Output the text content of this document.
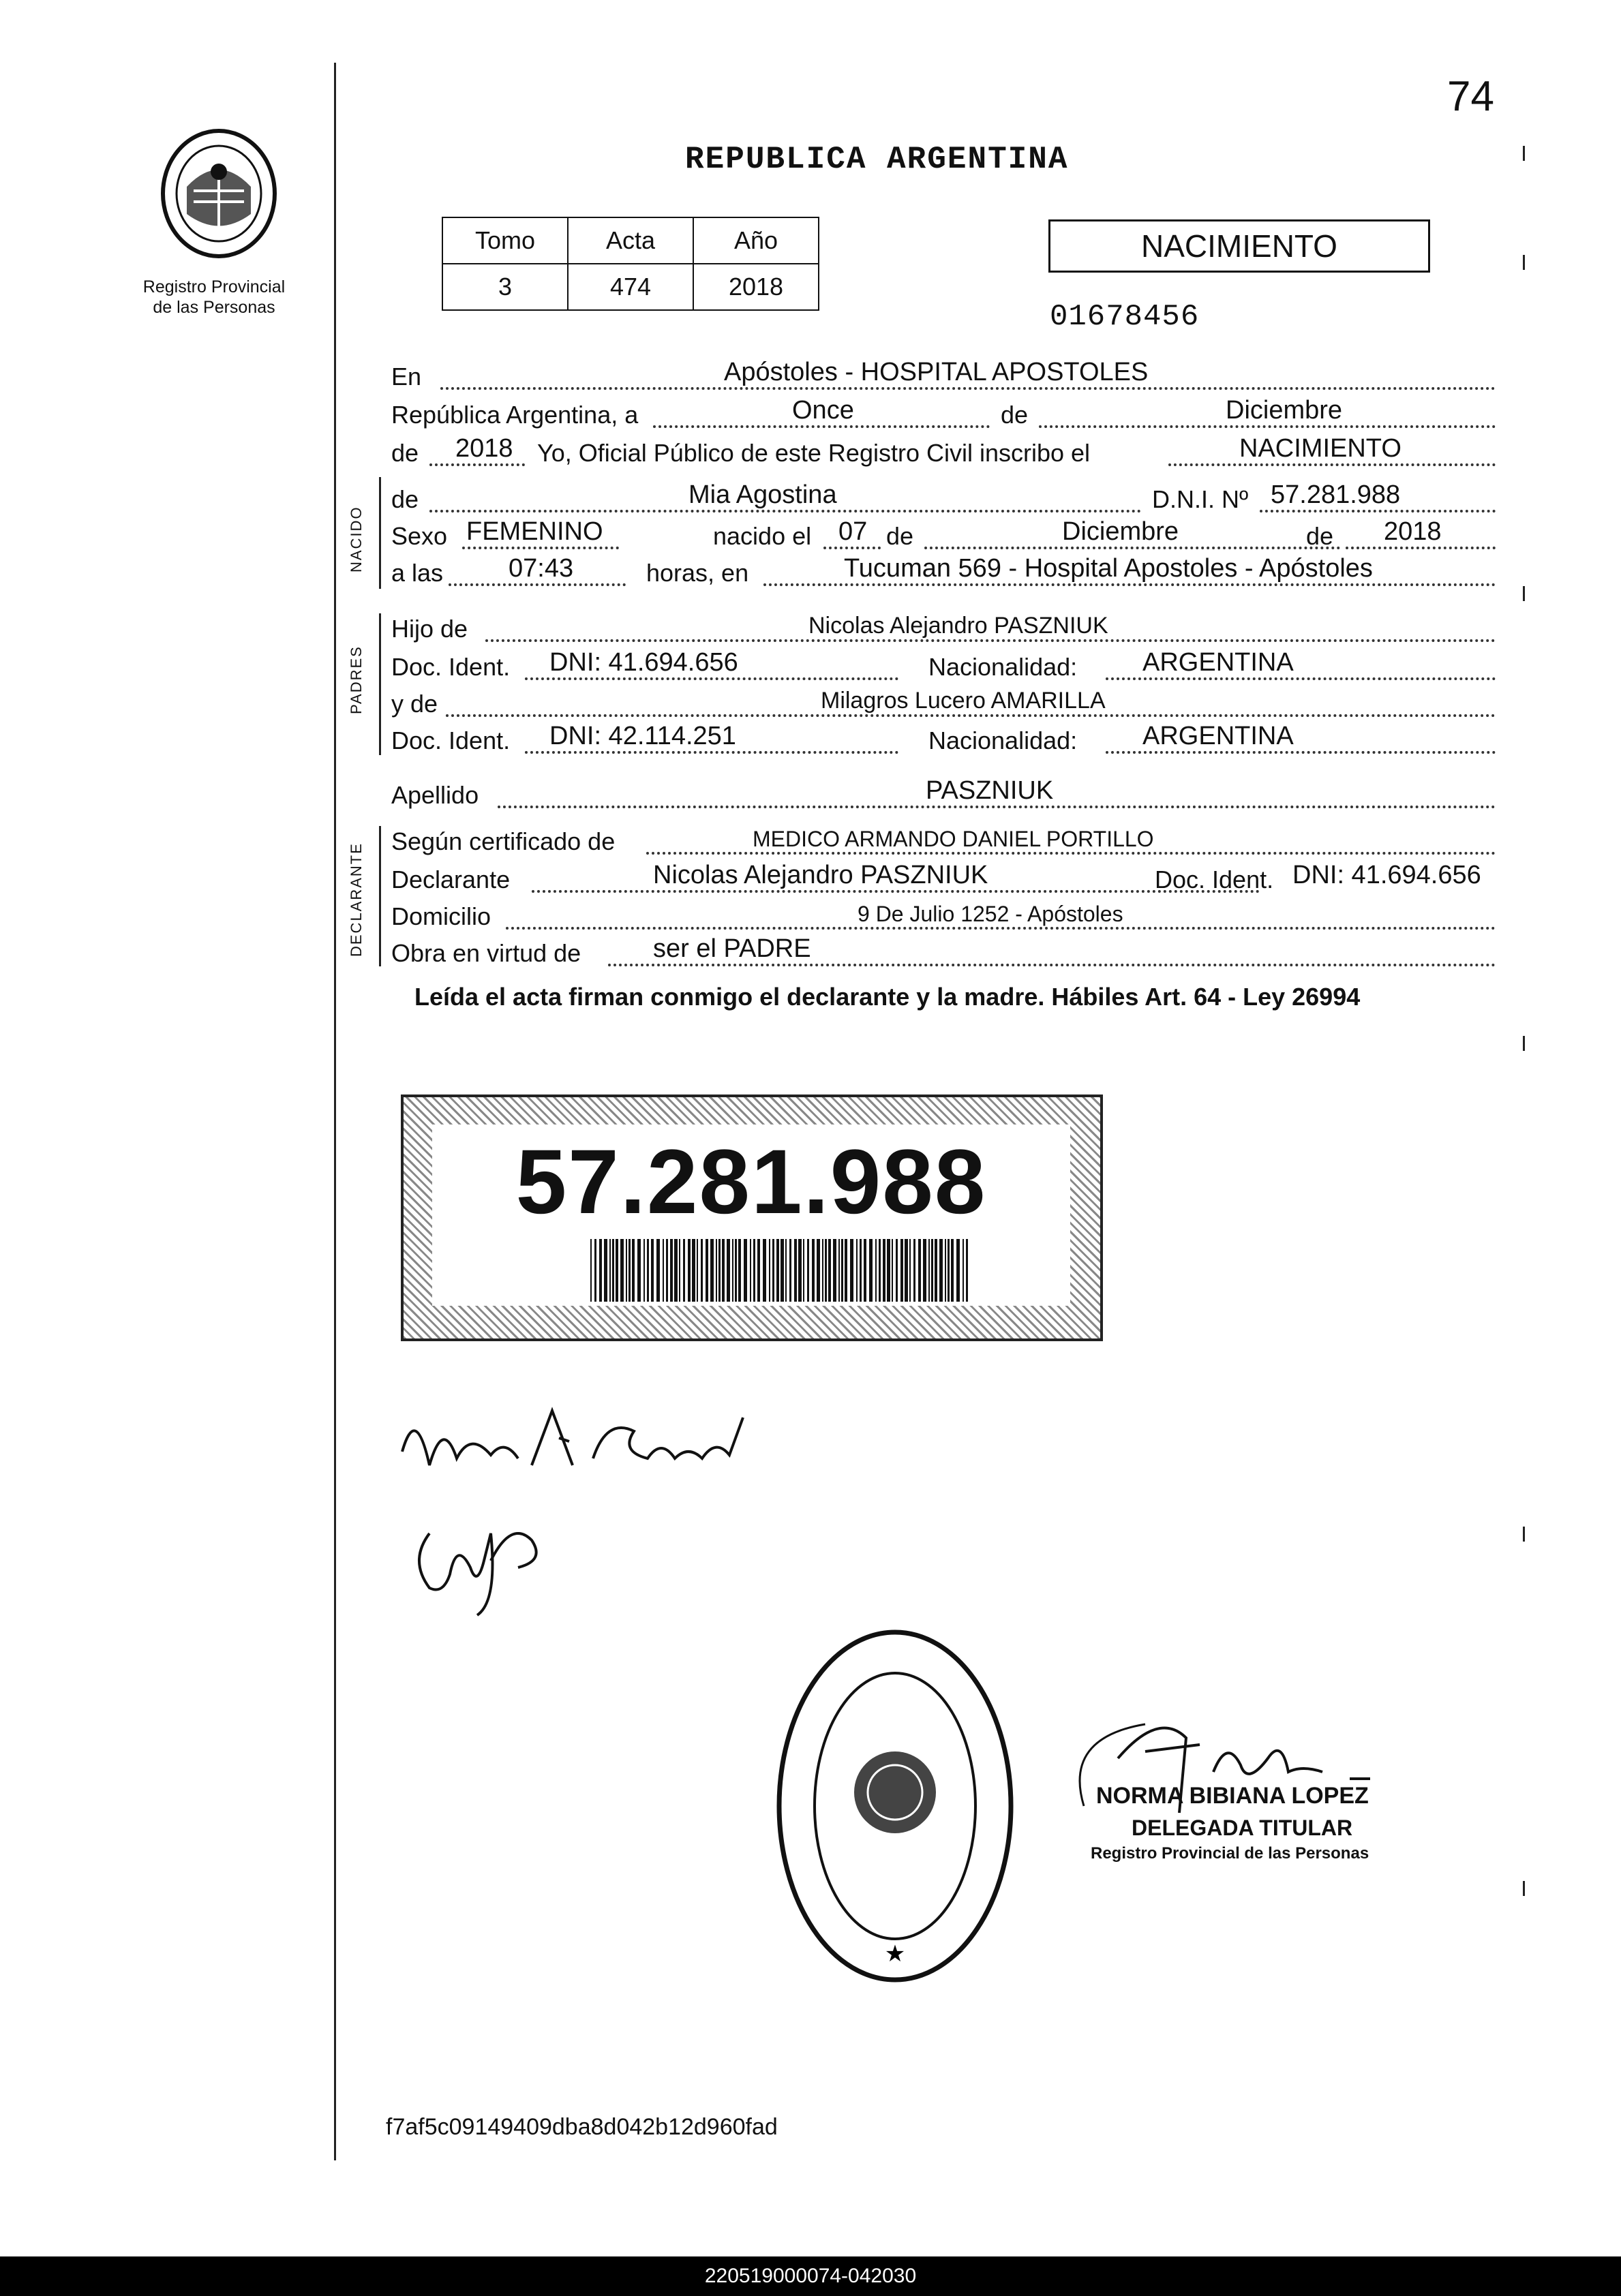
74
Registro Provincial
de las Personas
REPUBLICA ARGENTINA
Tomo	Acta	Año
3	474	2018
NACIMIENTO
01678456
NACIDO
PADRES
DECLARANTE
En	Apóstoles - HOSPITAL APOSTOLES
República Argentina, a	Once	de	Diciembre
de 2018 Yo, Oficial Público de este Registro Civil inscribo el	NACIMIENTO
de	Mia Agostina	D.N.I. Nº 57.281.988
Sexo FEMENINO	nacido el 07 de	Diciembre	de 2018
a las	07:43	horas, en	Tucuman 569 - Hospital Apostoles - Apóstoles
Hijo de	Nicolas Alejandro PASZNIUK
Doc. Ident. DNI: 41.694.656	Nacionalidad:	ARGENTINA
y de	Milagros Lucero AMARILLA
Doc. Ident. DNI: 42.114.251	Nacionalidad:	ARGENTINA
Apellido	PASZNIUK
Según certificado de	MEDICO ARMANDO DANIEL PORTILLO
Declarante	Nicolas Alejandro PASZNIUK	Doc. Ident. DNI: 41.694.656
Domicilio	9 De Julio 1252 - Apóstoles
Obra en virtud de	ser el PADRE
Leída el acta firman conmigo el declarante y la madre. Hábiles Art. 64 - Ley 26994
57.281.988
★
NORMA BIBIANA LOPEZ
DELEGADA TITULAR
Registro Provincial de las Personas
f7af5c09149409dba8d042b12d960fad
220519000074-042030
